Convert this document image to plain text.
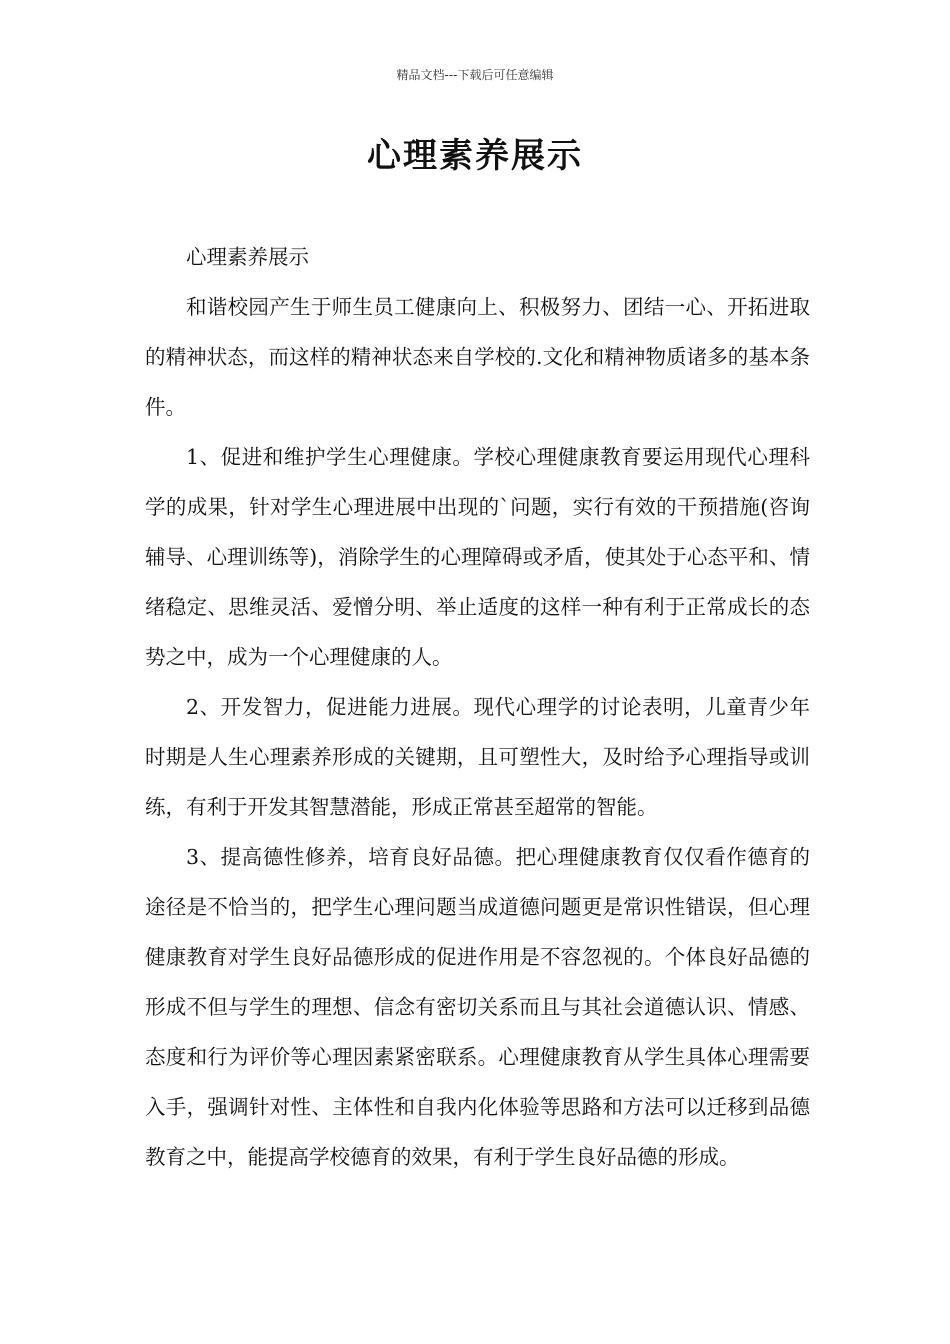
精品文档---下载后可任意编辑
心理素养展示

心理素养展示

和谐校园产生于师生员工健康向上、积极努力、团结一心、开拓进取的精神状态，而这样的精神状态来自学校的.文化和精神物质诸多的基本条件。

1、促进和维护学生心理健康。学校心理健康教育要运用现代心理科学的成果，针对学生心理进展中出现的`问题，实行有效的干预措施(咨询辅导、心理训练等)，消除学生的心理障碍或矛盾，使其处于心态平和、情绪稳定、思维灵活、爱憎分明、举止适度的这样一种有利于正常成长的态势之中，成为一个心理健康的人。

2、开发智力，促进能力进展。现代心理学的讨论表明，儿童青少年时期是人生心理素养形成的关键期，且可塑性大，及时给予心理指导或训练，有利于开发其智慧潜能，形成正常甚至超常的智能。

3、提高德性修养，培育良好品德。把心理健康教育仅仅看作德育的途径是不恰当的，把学生心理问题当成道德问题更是常识性错误，但心理健康教育对学生良好品德形成的促进作用是不容忽视的。个体良好品德的形成不但与学生的理想、信念有密切关系而且与其社会道德认识、情感、态度和行为评价等心理因素紧密联系。心理健康教育从学生具体心理需要入手，强调针对性、主体性和自我内化体验等思路和方法可以迁移到品德教育之中，能提高学校德育的效果，有利于学生良好品德的形成。
